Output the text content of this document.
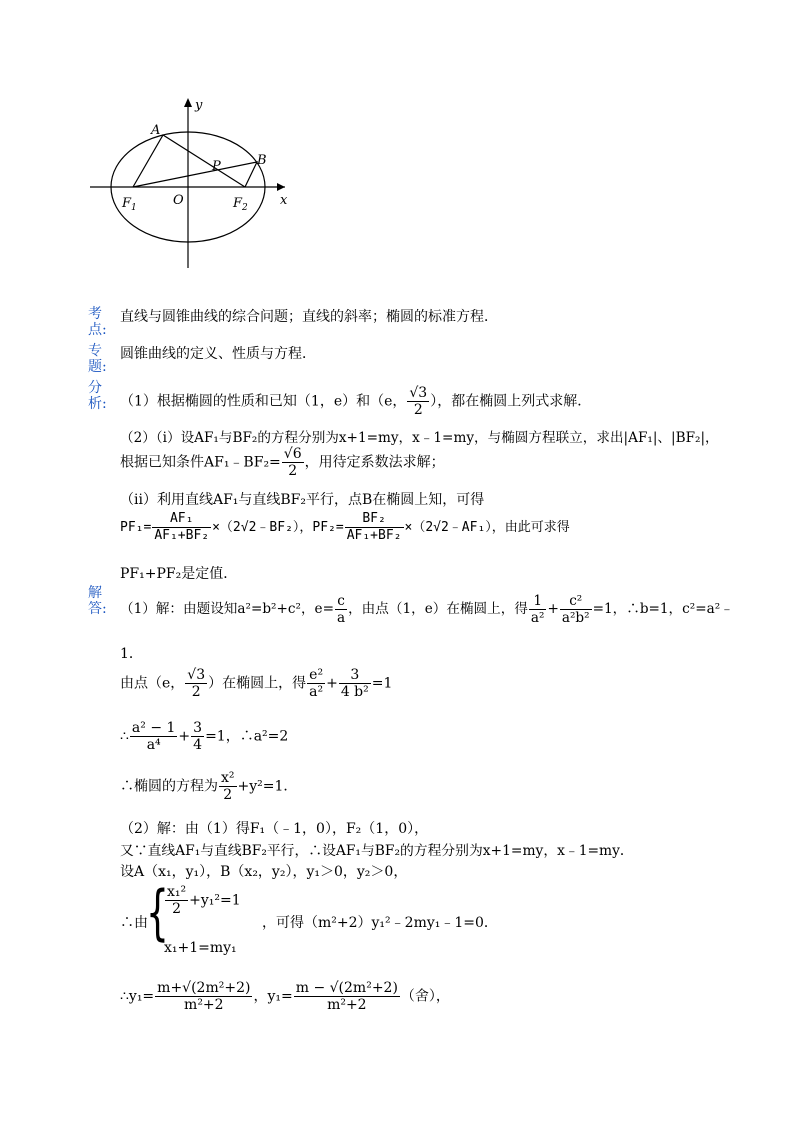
y
x
A
B
P
O
$F_1$	$F_2$
考
点:
专
题:
分
析:
解
答:
直线与圆锥曲线的综合问题；直线的斜率；椭圆的标准方程．
圆锥曲线的定义、性质与方程．
（1）根据椭圆的性质和已知（1，e）和（e， $\frac{√3}{2}$ ），都在椭圆上列式求解．
（2）（i）设AF₁与BF₂的方程分别为x+1=my，x﹣1=my，与椭圆方程联立，求出|AF₁|、|BF₂|，
根据已知条件AF₁﹣BF₂= $\frac{√6}{2}$ ，用待定系数法求解；
（ii）利用直线AF₁与直线BF₂平行，点B在椭圆上知，可得
$PF_1= \frac{\text{AF₁}}{\text{AF₁+BF₂}}$ ×（2√2﹣BF₂），$PF_2= \frac{\text{BF₂}}{\text{AF₁+BF₂}}$ ×（2√2﹣AF₁），由此可求得
PF₁+PF₂是定值．
（1）解：由题设知a²=b²+c²，$e= \frac{c}{a}$ ，由点（1，e）在椭圆上，得 $\frac{1}{\text{a²}} + \frac{\text{c²}}{\text{a²b²}} =1$，∴b=1，c²=a²﹣
1．
由点（e， $\frac{√3}{2}$ ）在椭圆上，得 $\frac{\text{e²}}{\text{a²}} + \frac{3}{\text{4 b²}} =1$
∴ $\frac{\text{a² − 1}}{\text{a⁴}} + \frac{3}{4} =1$，∴a²=2
∴椭圆的方程为 $\frac{\text{x²}}{2} +y^2=1$．
（2）解：由（1）得F₁（﹣1，0），F₂（1，0），
又∵直线AF₁与直线BF₂平行，∴设AF₁与BF₂的方程分别为x+1=my，x﹣1=my．
设A（x₁，y₁），B（x₂，y₂），y₁＞0，y₂＞0，
∴由
{
$\frac{\text{x₁²}}{2} +y_1^2=1$
x₁+1=my₁
，可得（m²+2）y₁²﹣2my₁﹣1=0．
∴y₁= $\frac{\text{m+√(2m²+2)}}{\text{m²+2}}$ ，$y_1= \frac{\text{m − √(2m²+2)}}{\text{m²+2}}$ （舍），
